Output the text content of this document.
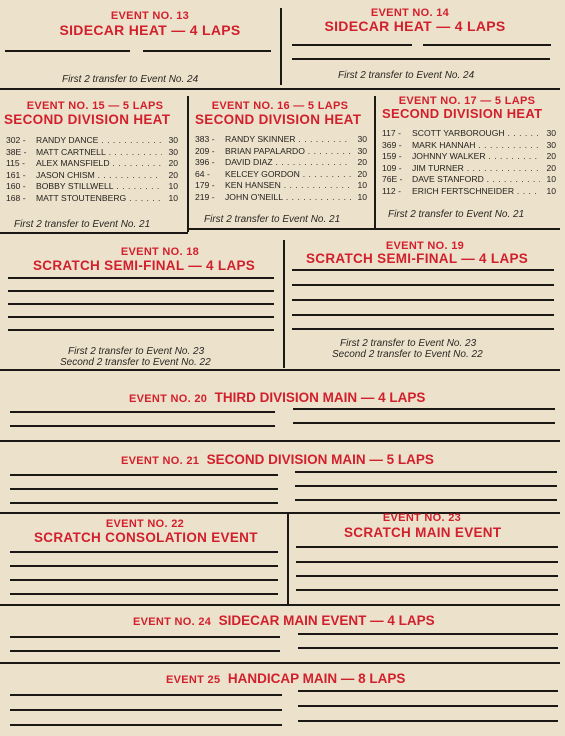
EVENT NO. 13
SIDECAR HEAT — 4 LAPS
First 2 transfer to Event No. 24
EVENT NO. 14
SIDECAR HEAT — 4 LAPS
First 2 transfer to Event No. 24
EVENT NO. 15 — 5 LAPS
SECOND DIVISION HEAT
302 -	RANDY DANCE . . .	30
38E -	MATT CARTNELL . . .	30
115 -	ALEX MANSFIELD . . .	20
161 -	JASON CHISM . . .	20
160 -	BOBBY STILLWELL . . .	10
168 -	MATT STOUTENBERG . . .	10
First 2 transfer to Event No. 21
EVENT NO. 16 — 5 LAPS
SECOND DIVISION HEAT
383 -	RANDY SKINNER . . .	30
209 -	BRIAN PAPALARDO . . .	30
396 -	DAVID DIAZ . . .	20
64 -	KELCEY GORDON . . .	20
179 -	KEN HANSEN . . .	10
219 -	JOHN O'NEILL . . .	10
First 2 transfer to Event No. 21
EVENT NO. 17 — 5 LAPS
SECOND DIVISION HEAT
117 -	SCOTT YARBOROUGH . . .	30
369 -	MARK HANNAH . . .	30
159 -	JOHNNY WALKER . . .	20
109 -	JIM TURNER . . .	20
76E -	DAVE STANFORD . . .	10
112 -	ERICH FERTSCHNEIDER . . .	10
First 2 transfer to Event No. 21
EVENT NO. 18
SCRATCH SEMI-FINAL — 4 LAPS
First 2 transfer to Event No. 23
Second 2 transfer to Event No. 22
EVENT NO. 19
SCRATCH SEMI-FINAL — 4 LAPS
First 2 transfer to Event No. 23
Second 2 transfer to Event No. 22
EVENT NO. 20 THIRD DIVISION MAIN — 4 LAPS
EVENT NO. 21 SECOND DIVISION MAIN — 5 LAPS
EVENT NO. 22
SCRATCH CONSOLATION EVENT
EVENT NO. 23
SCRATCH MAIN EVENT
EVENT NO. 24 SIDECAR MAIN EVENT — 4 LAPS
EVENT 25 HANDICAP MAIN — 8 LAPS
